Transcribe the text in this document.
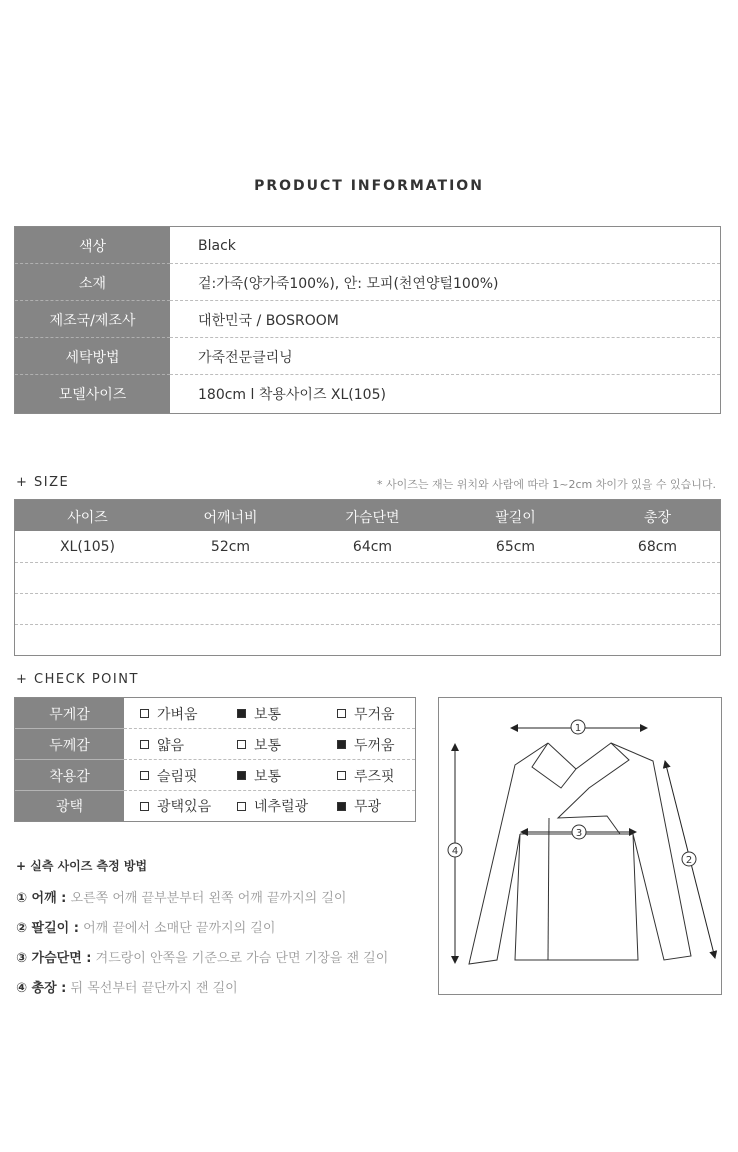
PRODUCT INFORMATION
색상	Black
소재	겉:가죽(양가죽100%), 안: 모피(천연양털100%)
제조국/제조사	대한민국 / BOSROOM
세탁방법	가죽전문클리닝
모델사이즈	180cm l 착용사이즈 XL(105)
+ SIZE	* 사이즈는 재는 위치와 사람에 따라 1~2cm 차이가 있을 수 있습니다.
사이즈	어깨너비	가슴단면	팔길이	총장
XL(105)	52cm	64cm	65cm	68cm
+ CHECK POINT
무게감	가벼움	보통	무거움
두께감	얇음	보통	두꺼움
착용감	슬림핏	보통	루즈핏
광택	광택있음	네추럴광	무광
+ 실측 사이즈 측정 방법
① 어깨 : 오른쪽 어깨 끝부분부터 왼쪽 어깨 끝까지의 길이
② 팔길이 : 어깨 끝에서 소매단 끝까지의 길이
③ 가슴단면 : 겨드랑이 안쪽을 기준으로 가슴 단면 기장을 잰 길이
④ 총장 : 뒤 목선부터 끝단까지 잰 길이
1
2
3
4
